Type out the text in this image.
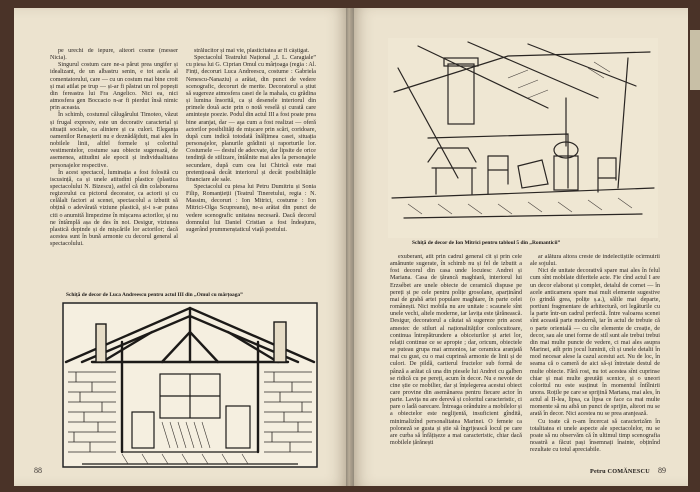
pe urechi de iepure, alteori cosme (messer Nicia).

Singurul costum care ne-a părut prea ungifer și idealizant, de un albastru senin, e tot acela al comentatorului, care — cu un costum mai bine croit și mai atilat pe trup — și-ar fi păstrat un rol popești din fereastra lui Fra Angelico. Nici ea, nici atmosfera gen Boccacio n-ar fi pierdut însă nimic prin aceasta.

În schimb, costumul călugărului Timoteo, văzut și frugal expresiv, este un decorativ caracterial și situații sociale, ca aliniere și ca culori. Eleganța oamenilor Renașterii nu e deznădăjduit, mai ales în nobilele linii, altfel formele și coloritul vestimentelor, costume sau obiecte sugerează, de asemenea, atitudini ale epocii și individualitatea personajelor respective.

În acest spectacol, luminația a fost folosită cu iscusință, ca și unele atitudini plastice (plastica spectacolului N. Bizescu), astfel că din colaborarea regizorului cu pictorul decorator, ca actorii și cu celălalt factori ai scenei, spectacolul a izbutit să obțină o adevărată viziune plastică, și-i s-ar putea citi o anumită limpezime în mișcarea actorilor, și nu ne întâmplă așa de des în noi. Desigur, viziunea plastică depinde și de mișcările lor actorilor; dacă acestea sunt în bună armonie cu decorul general al spectacolului.

strălucitor și mai vie, plasticitatea ar fi câștigat.

Spectacolul Teatrului Național „I. L. Caragiale” cu piesa lui G. Ciprian Omul cu mârțoaga (regia : Al. Finți, decoruri Luca Andreescu, costume : Gabriela Nenescu-Nanaziu) a arătat, din punct de vedere scenografic, decoruri de merite. Decoratorul a știut să sugereze atmosfera casei de la mahala, cu grădina și lumina însorită, ca și desenele interiorul din primele două acte prin o notă veselă și curată care amintește poezie. Podul din actul III a fost poate prea bine aranjat, dar — aşa cum a fost realizat — oferă actorilor posibilități de mișcare prin scări, coridoare, după cum indică totodată înălțimea casei, situația personajelor, planurile grădinii și raporturile lor. Costumele — destul de adecvate, dar lipsite de orice tendință de stilizare, întâlnite mai ales la personajele secundare, după cum cea lui Chirică este mai pretențioasă decât interiorul și decât posibilitățile financiare ale sale.

Spectacolul cu piesa lui Petru Dumitriu și Sonia Filip, Romanțieții (Teatrul Tineretului, regia : N. Massim, decoruri : Ion Mitrici, costume : Ion Mitrici-Olga Scupreanu), ne-a arătat din punct de vedere scenografic unitatea necesară. Dacă decorul domnului lui Daniel Cristian a fost îndeajuns, sugerând prummenștaticul viață poetului.

Schiță de decor de Luca Andreescu pentru actul III din „Omul cu mârțoaga”
88
Schiță de decor de Ion Mitrici pentru tabloul 5 din „Romanticii”

exuberant, atît prin cadrul general cît și prin cele amănunte sugerate, în schimb nu și fel de izbutit a fost decorul din casa unde locuiesc Andrei și Mariana. Casa de țărancă maghiară, interiorul lui Erzsébet are unele obiecte de ceramică dispuse pe pereți și pe cele pentru polițe grosolane, aparținând mai de grabă artei populare maghiare, în parte celei românești. Nici mobila nu are unitate : scaunele sînt unele vechi, altele moderne, iar lavița este țărănească. Desigur, decoratorul a căutat să sugereze prin acest amestec de stiluri al naționalităților conlocuitoare, continua întrepătrundere a obiceiurilor și artei lor, relații continue ce se apropie ; dar, oricum, obiectele se puteau grupa mai armonios, iar ceramica aranjată mai cu gust, cu o mai cuprinsă armonie de linii și de culori. De pildă, cartierul fructelor sub formă de pânză a arătat că una din piesele lui Andrei cu galben se ridică cu pe pereți, acum în decor. Nu e nevoie de cine știe ce mobilier, dar și înțelegerea acestui obiect care provine din asemănarea pentru fiecare actor în parte. Lavița nu are derevă și coloritul caracteristic, ci pare o ladă oarecare. Întreaga orânduire a mobilelor și a obiectelor este neglijentă, insuficient gîndită, minimalizînd personalitatea Marinei. O femeie ca poloneză se gusta și știe să îngrijească locul pe care are curba să înfățișeze a mai caracteristic, chiar dacă mobilele țărănești

ar alătura altora creste de indelectiștile ocîrmuirii ale sojului.

Nici de unitate decorativă spare mai ales în felul cum sînt mobilate diferitele acte. Fie cînd actul I are un decor elaborat și complet, detalul de cornet — în acele anticamera spare mai mult elemente sugestive (o grindă grea, polițe ș.a.), sălile mai departe, portiuni fragmentare de arhitectură, ori legăturile cu la parte într-un cadrul perfectă. Între valoarea scenei sînt această parte modernă, iar în actul de trebuie că o parte orientală — cu cîte elemente de creație, de decor, sau ale unei forme de stil sunt ale trebui trebui din mai multe puncte de vedere, ci mai ales asupra Marinei, atît prin jocul luminii, cît și unele detalii în mod necesar alese la cazul acestui act. Nu de loc, în seama că o cameră de aici să-și întretaie destul de multe obiecte. Fără rost, nu tot acestea sînt cuprinse chiar și mai multe greutăți scenice, și o uneori coloritul nu este susținut în momentul întîlnirii unora. Roțile pe care se sprijină Mariana, mai ales, în actul al II-lea, lipsa, ca lipsa ce face ca mai multe momente să nu aibă un punct de sprijin, alteori nu se arată în decor. Nici acestea nu se prea aranjează.

Cu toate că n-am încercat să caracterizăm în totalitatea ei unele aspecte ale spectacolelor, nu se poate să nu observăm că în ultimul timp scenografia noastră a făcut pași însemnați înainte, obținînd rezultate cu totul apreciabile.

Petru COMĂNESCU 89
